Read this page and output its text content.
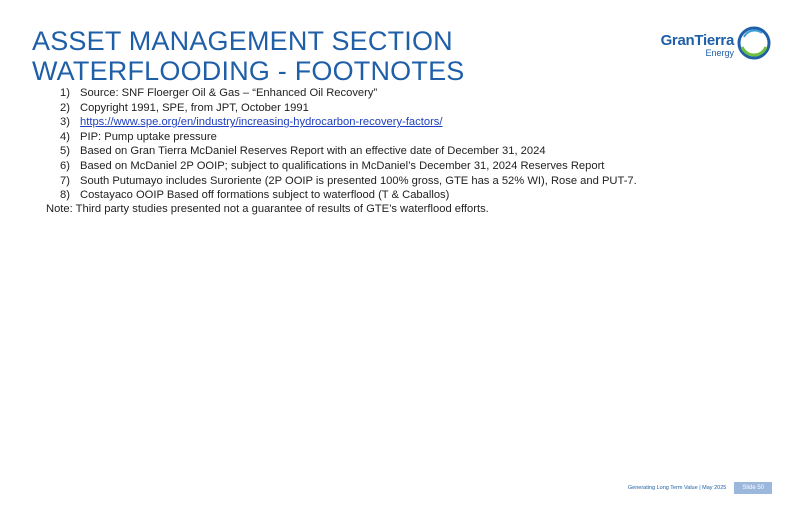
ASSET MANAGEMENT SECTION
WATERFLOODING - FOOTNOTES
GranTierra
Energy
1) Source: SNF Floerger Oil & Gas – “Enhanced Oil Recovery”
2) Copyright 1991, SPE, from JPT, October 1991
3) https://www.spe.org/en/industry/increasing-hydrocarbon-recovery-factors/
4) PIP: Pump uptake pressure
5) Based on Gran Tierra McDaniel Reserves Report with an effective date of December 31, 2024
6) Based on McDaniel 2P OOIP; subject to qualifications in McDaniel’s December 31, 2024 Reserves Report
7) South Putumayo includes Suroriente (2P OOIP is presented 100% gross, GTE has a 52% WI), Rose and PUT-7.
8) Costayaco OOIP Based off formations subject to waterflood (T & Caballos)
Note: Third party studies presented not a guarantee of results of GTE’s waterflood efforts.
Generating Long Term Value | May 2025	Slide 50
